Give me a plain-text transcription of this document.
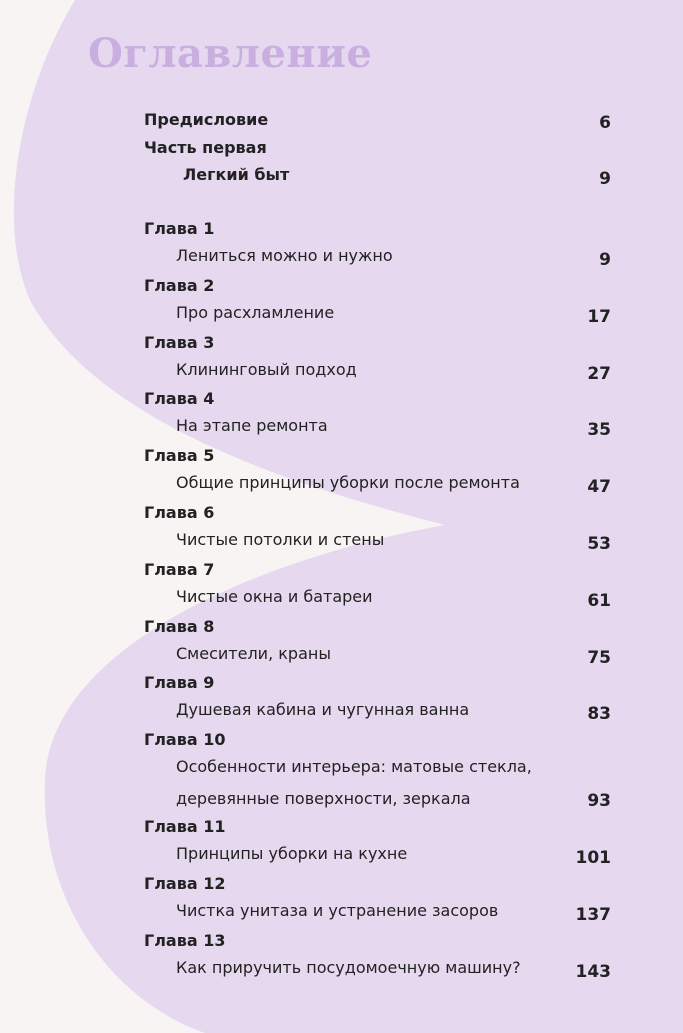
Оглавление
Предисловие	6
Часть первая
Легкий быт	9
Глава 1
Лениться можно и нужно	9
Глава 2
Про расхламление	17
Глава 3
Клининговый подход	27
Глава 4
На этапе ремонта	35
Глава 5
Общие принципы уборки после ремонта	47
Глава 6
Чистые потолки и стены	53
Глава 7
Чистые окна и батареи	61
Глава 8
Смесители, краны	75
Глава 9
Душевая кабина и чугунная ванна	83
Глава 10
Особенности интерьера: матовые стекла,
деревянные поверхности, зеркала	93
Глава 11
Принципы уборки на кухне	101
Глава 12
Чистка унитаза и устранение засоров	137
Глава 13
Как приручить посудомоечную машину?	143
